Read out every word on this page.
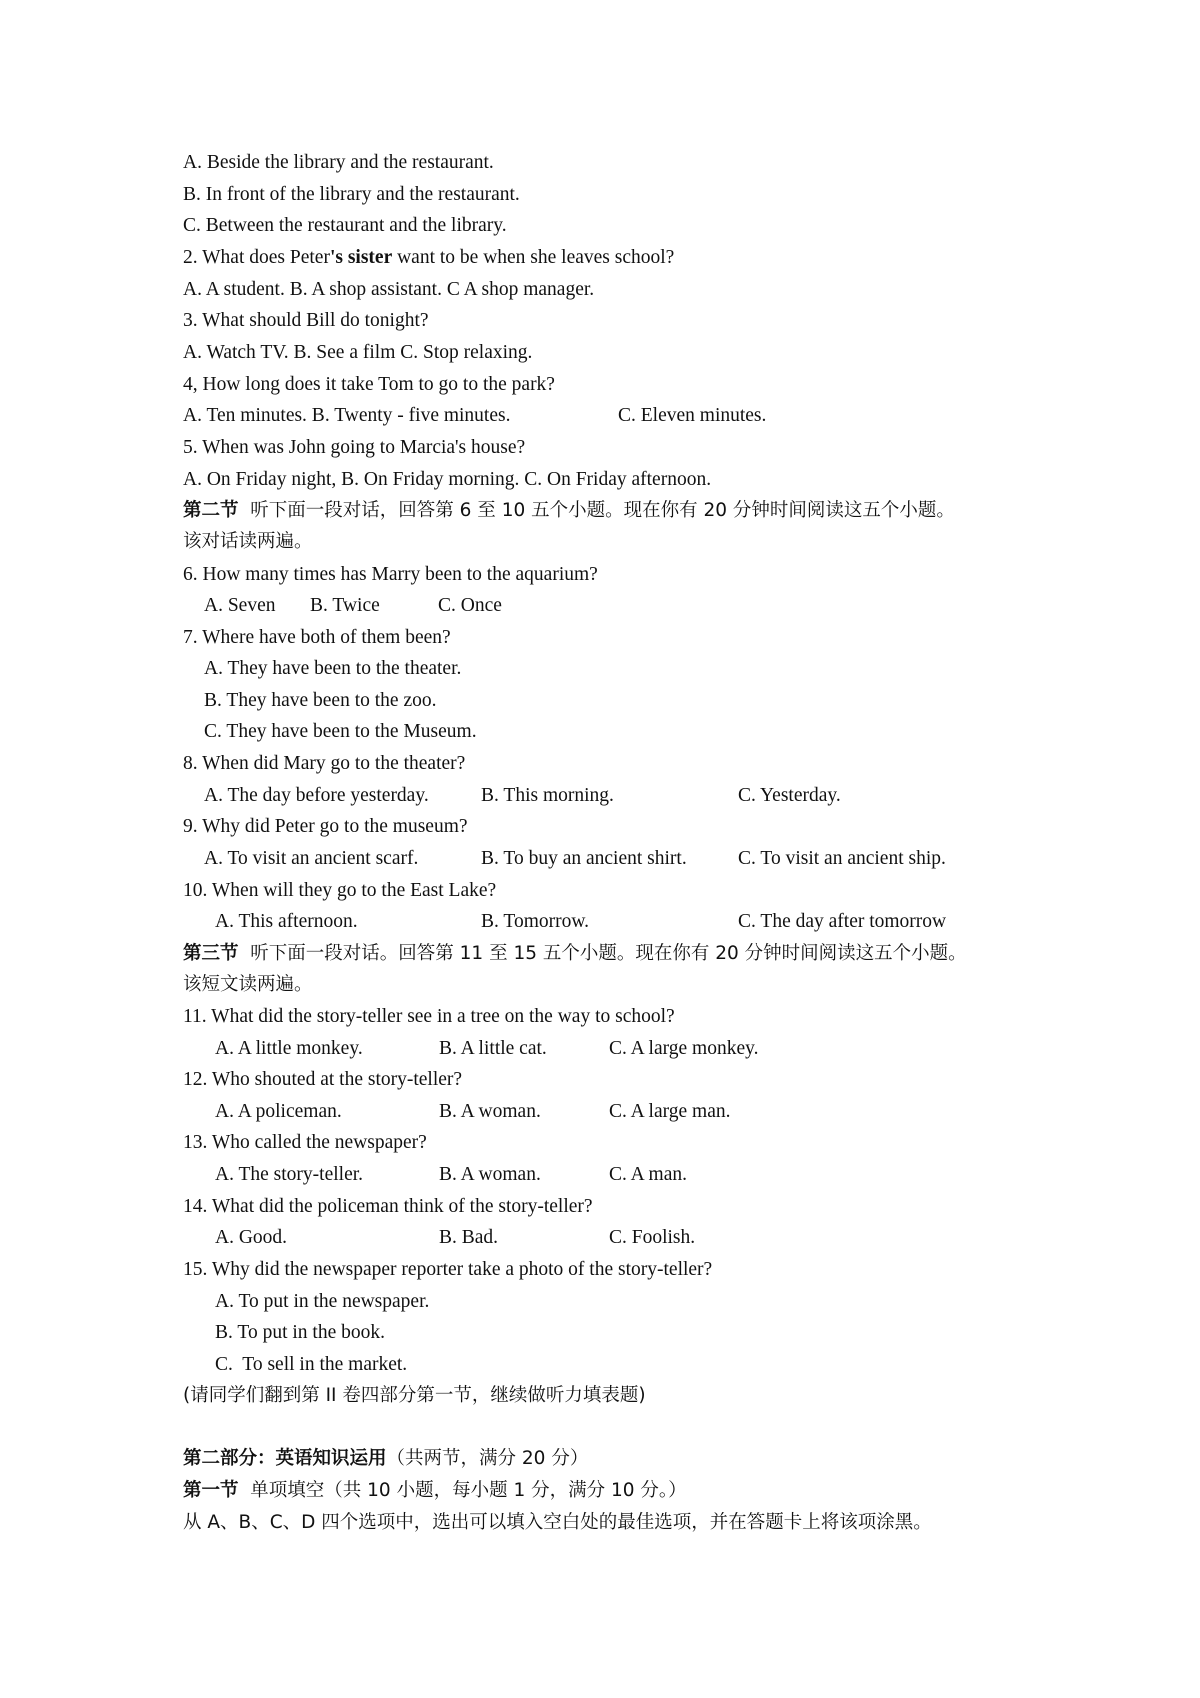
A. Beside the library and the restaurant.
B. In front of the library and the restaurant.
C. Between the restaurant and the library.
2. What does Peter's sister want to be when she leaves school?
A. A student. B. A shop assistant. C A shop manager.
3. What should Bill do tonight?
A. Watch TV. B. See a film C. Stop relaxing.
4, How long does it take Tom to go to the park?
A. Ten minutes. B. Twenty - five minutes.	C. Eleven minutes.
5. When was John going to Marcia's house?
A. On Friday night, B. On Friday morning. C. On Friday afternoon.
第二节  听下面一段对话，回答第 6 至 10 五个小题。现在你有 20 分钟时间阅读这五个小题。
该对话读两遍。
6. How many times has Marry been to the aquarium?
A. Seven B. Twice	C. Once
7. Where have both of them been?
A. They have been to the theater.
B. They have been to the zoo.
C. They have been to the Museum.
8. When did Mary go to the theater?
A. The day before yesterday.	B. This morning.	C. Yesterday.
9. Why did Peter go to the museum?
A. To visit an ancient scarf.	B. To buy an ancient shirt.	C. To visit an ancient ship.
10. When will they go to the East Lake?
A. This afternoon.	B. Tomorrow.	C. The day after tomorrow
第三节  听下面一段对话。回答第 11 至 15 五个小题。现在你有 20 分钟时间阅读这五个小题。
该短文读两遍。
11. What did the story-teller see in a tree on the way to school?
A. A little monkey.	B. A little cat.	C. A large monkey.
12. Who shouted at the story-teller?
A. A policeman.	B. A woman.	C. A large man.
13. Who called the newspaper?
A. The story-teller.	B. A woman.	C. A man.
14. What did the policeman think of the story-teller?
A. Good.	B. Bad.	C. Foolish.
15. Why did the newspaper reporter take a photo of the story-teller?
A. To put in the newspaper.
B. To put in the book.
C.  To sell in the market.
(请同学们翻到第 II 卷四部分第一节，继续做听力填表题)
第二部分：英语知识运用（共两节，满分 20 分）
第一节  单项填空（共 10 小题，每小题 1 分，满分 10 分。）
从 A、B、C、D 四个选项中，选出可以填入空白处的最佳选项，并在答题卡上将该项涂黑。
